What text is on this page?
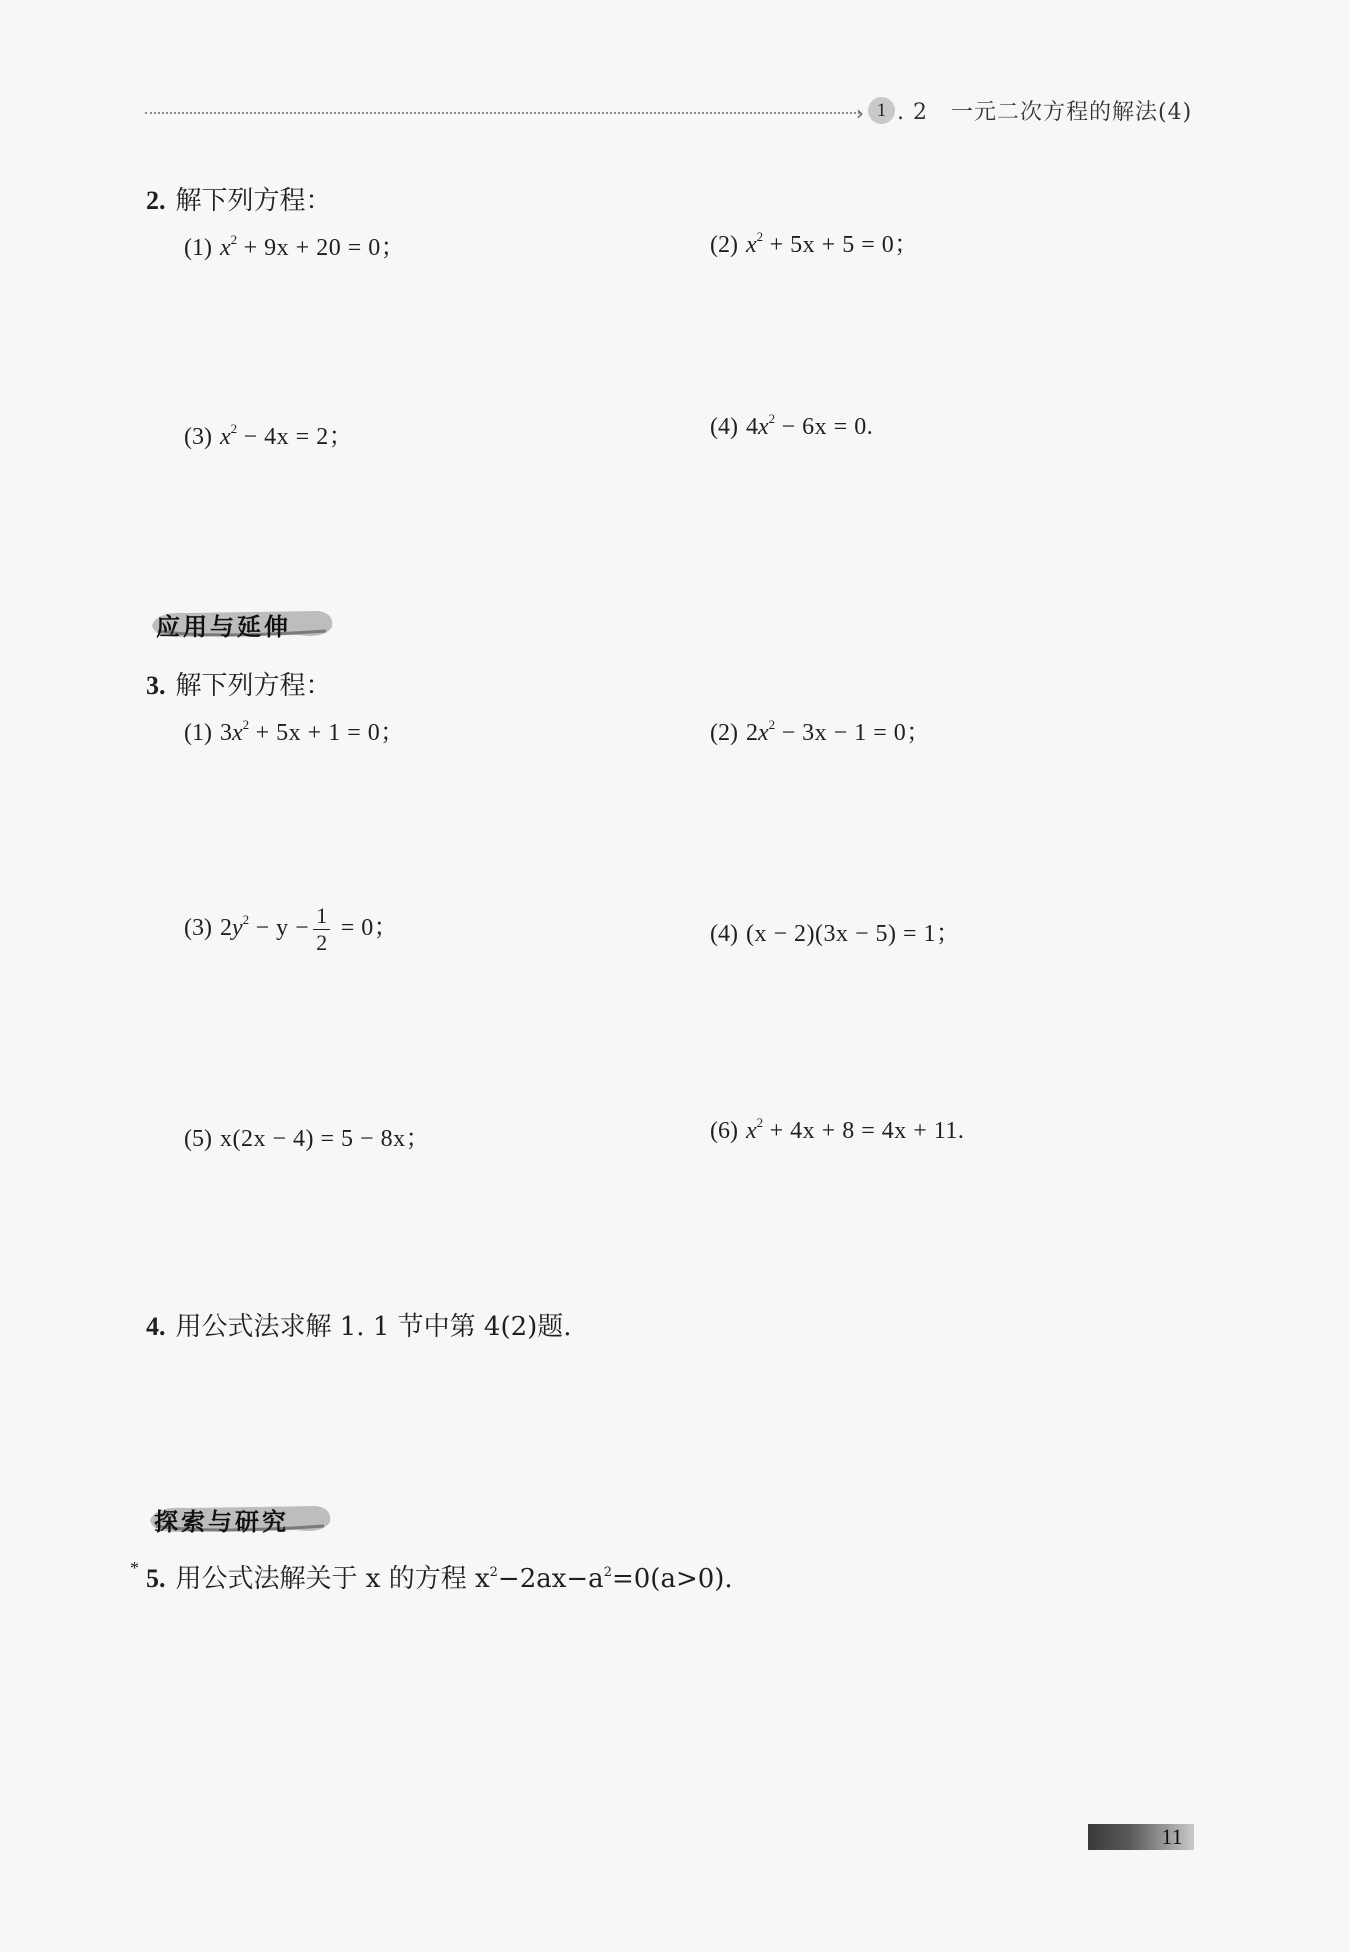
› 1 . 2　一元二次方程的解法(4)
2. 解下列方程：
(1) $x^2 + 9x + 20 = 0$；	(2) $x^2 + 5x + 5 = 0$；
(3) $x^2 - 4x = 2$；	(4) $4x^2 - 6x = 0$.
应用与延伸
3. 解下列方程：
(1) $3x^2 + 5x + 1 = 0$；	(2) $2x^2 - 3x - 1 = 0$；
(3) $2y^2 - y - \frac{1}{2} = 0$；	(4) (x − 2)(3x − 5) = 1；
(5) x(2x − 4) = 5 − 8x；	(6) $x^2 + 4x + 8 = 4x + 11$.
4. 用公式法求解 1. 1 节中第 4(2)题.
探索与研究
* 5. 用公式法解关于 x 的方程 $x^2-2ax-a^2=0(a>0)$.
11
